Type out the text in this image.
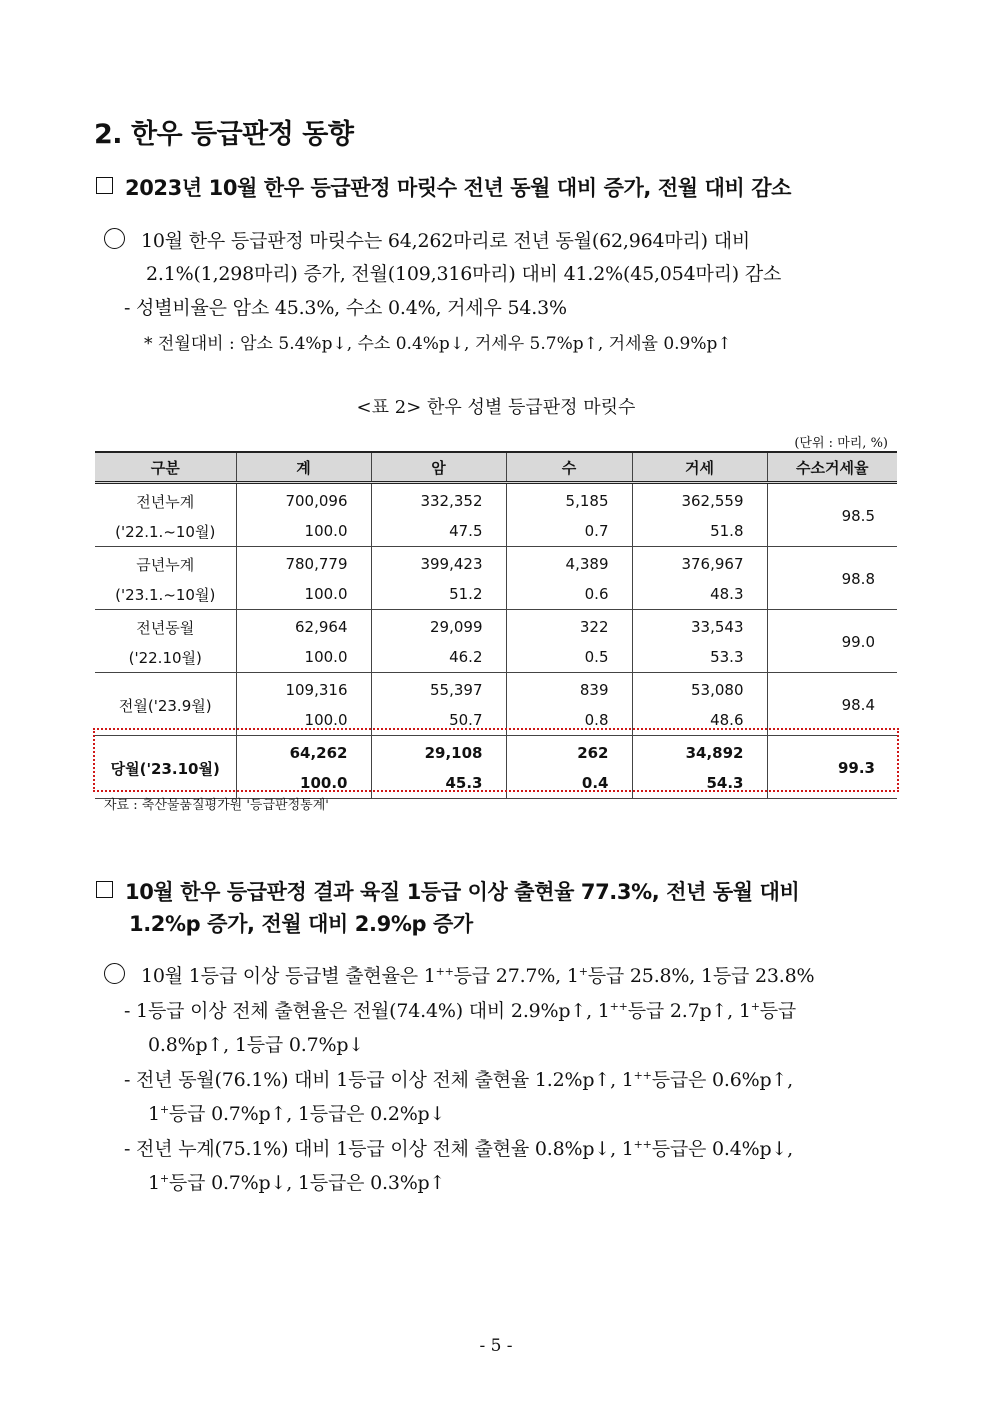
2. 한우 등급판정 동향
2023년 10월 한우 등급판정 마릿수 전년 동월 대비 증가, 전월 대비 감소
10월 한우 등급판정 마릿수는 64,262마리로 전년 동월(62,964마리) 대비
2.1%(1,298마리) 증가, 전월(109,316마리) 대비 41.2%(45,054마리) 감소
- 성별비율은 암소 45.3%, 수소 0.4%, 거세우 54.3%
* 전월대비 : 암소 5.4%p↓, 수소 0.4%p↓, 거세우 5.7%p↑, 거세율 0.9%p↑
<표 2> 한우 성별 등급판정 마릿수
(단위 : 마리, %)
구분	계	암	수	거세	수소거세율
전년누계	700,096	332,352	5,185	362,559	98.5
('22.1.~10월)	100.0	47.5	0.7	51.8	
금년누계	780,779	399,423	4,389	376,967	98.8
('23.1.~10월)	100.0	51.2	0.6	48.3	
전년동월	62,964	29,099	322	33,543	99.0
('22.10월)	100.0	46.2	0.5	53.3	
전월('23.9월)	109,316	55,397	839	53,080	98.4
	100.0	50.7	0.8	48.6	
당월('23.10월)	64,262	29,108	262	34,892	99.3
	100.0	45.3	0.4	54.3	
자료 : 축산물품질평가원 '등급판정통계'
10월 한우 등급판정 결과 육질 1등급 이상 출현율 77.3%, 전년 동월 대비
1.2%p 증가, 전월 대비 2.9%p 증가
10월 1등급 이상 등급별 출현율은 1++등급 27.7%, 1+등급 25.8%, 1등급 23.8%
- 1등급 이상 전체 출현율은 전월(74.4%) 대비 2.9%p↑, 1++등급 2.7p↑, 1+등급
0.8%p↑, 1등급 0.7%p↓
- 전년 동월(76.1%) 대비 1등급 이상 전체 출현율 1.2%p↑, 1++등급은 0.6%p↑,
1+등급 0.7%p↑, 1등급은 0.2%p↓
- 전년 누계(75.1%) 대비 1등급 이상 전체 출현율 0.8%p↓, 1++등급은 0.4%p↓,
1+등급 0.7%p↓, 1등급은 0.3%p↑
- 5 -
